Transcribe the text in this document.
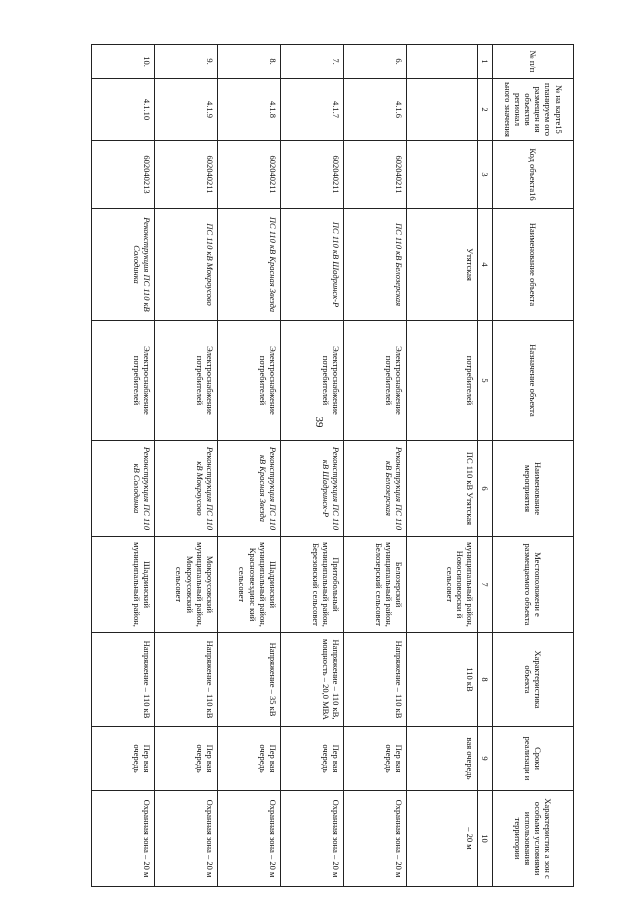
39
№ п/п	№ на карте15 планируем ого размещен ия объектов регионал ьного значения	Код объекта16	Наименование объекта	Назначение объекта	Наименование мероприятия	Местоположени е размещаемого объекта	Характеристика объекта	Сроки реализаци и	Характеристик а зон с особыми условиями использования территории
1	2	3	4	5	6	7	8	9	10
			Утятская	потребителей	ПС 110 кВ Утятская	муниципальный район, Новосиповорски й сельсовет	110 кВ	вая очередь	– 20 м
6.	4.1.6	602040211	ПС 110 кВ Белозерская	Электроснабжение потребителей	Реконструкция ПС 110 кВ Белозерская	Белозерский муниципальный район, Белозерский сельсовет	Напряжение – 110 кВ	Пер вая очередь	Охранная зона – 20 м
7.	4.1.7	602040211	ПС 110 кВ Шадринск-Р	Электроснабжение потребителей	Реконструкция ПС 110 кВ Шадринск-Р	Притобольный муниципальный район, Березовский сельсовет	Напряжение – 110 кВ, мощность – 20,0 МВА	Пер вая очередь	Охранная зона – 20 м
8.	4.1.8	602040211	ПС 110 кВ Красная Звезда	Электроснабжение потребителей	Реконструкция ПС 110 кВ Красная Звезда	Шадринский муниципальный район, Красноэвездинс кий сельсовет	Напряжение – 35 кВ	Пер вая очередь	Охранная зона – 20 м
9.	4.1.9	602040211	ПС 110 кВ Мокроусово	Электроснабжение потребителей	Реконструкция ПС 110 кВ Мокроусово	Мокроусовский муниципальный район, Мокроусовский сельсовет	Напряжение – 110 кВ	Пер вая очередь	Охранная зона – 20 м
10.	4.1.10	602040213	Реконструкция ПС 110 кВ Солодинка	Электроснабжение потребителей	Реконструкция ПС 110 кВ Солодинка	Шадринский муниципальный район,	Напряжение – 110 кВ	Пер вая очередь	Охранная зона – 20 м
